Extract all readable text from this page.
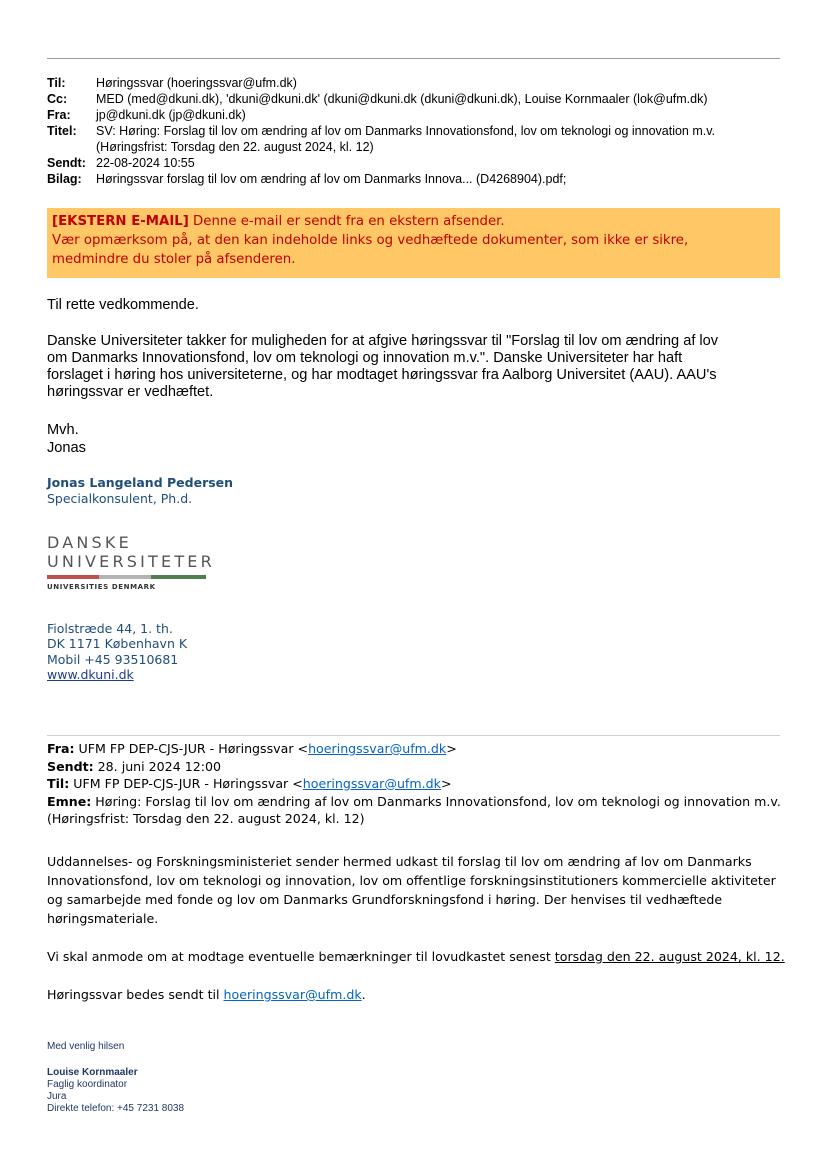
Til: Høringssvar (hoeringssvar@ufm.dk)
Cc: MED (med@dkuni.dk), 'dkuni@dkuni.dk' (dkuni@dkuni.dk (dkuni@dkuni.dk), Louise Kornmaaler (lok@ufm.dk)
Fra: jp@dkuni.dk (jp@dkuni.dk)
Titel: SV: Høring: Forslag til lov om ændring af lov om Danmarks Innovationsfond, lov om teknologi og innovation m.v.
(Høringsfrist: Torsdag den 22. august 2024, kl. 12)
Sendt: 22-08-2024 10:55
Bilag: Høringssvar forslag til lov om ændring af lov om Danmarks Innova... (D4268904).pdf;
[EKSTERN E-MAIL] Denne e-mail er sendt fra en ekstern afsender.
Vær opmærksom på, at den kan indeholde links og vedhæftede dokumenter, som ikke er sikre,
medmindre du stoler på afsenderen.
Til rette vedkommende.
Danske Universiteter takker for muligheden for at afgive høringssvar til "Forslag til lov om ændring af lov
om Danmarks Innovationsfond, lov om teknologi og innovation m.v.". Danske Universiteter har haft
forslaget i høring hos universiteterne, og har modtaget høringssvar fra Aalborg Universitet (AAU). AAU's
høringssvar er vedhæftet.
Mvh.
Jonas
Jonas Langeland Pedersen
Specialkonsulent, Ph.d.
DANSKE
UNIVERSITETER
UNIVERSITIES DENMARK
Fiolstræde 44, 1. th.
DK 1171 København K
Mobil +45 93510681
www.dkuni.dk
Fra: UFM FP DEP-CJS-JUR - Høringssvar <hoeringssvar@ufm.dk>
Sendt: 28. juni 2024 12:00
Til: UFM FP DEP-CJS-JUR - Høringssvar <hoeringssvar@ufm.dk>
Emne: Høring: Forslag til lov om ændring af lov om Danmarks Innovationsfond, lov om teknologi og innovation m.v.
(Høringsfrist: Torsdag den 22. august 2024, kl. 12)
Uddannelses- og Forskningsministeriet sender hermed udkast til forslag til lov om ændring af lov om Danmarks
Innovationsfond, lov om teknologi og innovation, lov om offentlige forskningsinstitutioners kommercielle aktiviteter
og samarbejde med fonde og lov om Danmarks Grundforskningsfond i høring. Der henvises til vedhæftede
høringsmateriale.
Vi skal anmode om at modtage eventuelle bemærkninger til lovudkastet senest torsdag den 22. august 2024, kl. 12.
Høringssvar bedes sendt til hoeringssvar@ufm.dk.
Med venlig hilsen
Louise Kornmaaler
Faglig koordinator
Jura
Direkte telefon: +45 7231 8038
